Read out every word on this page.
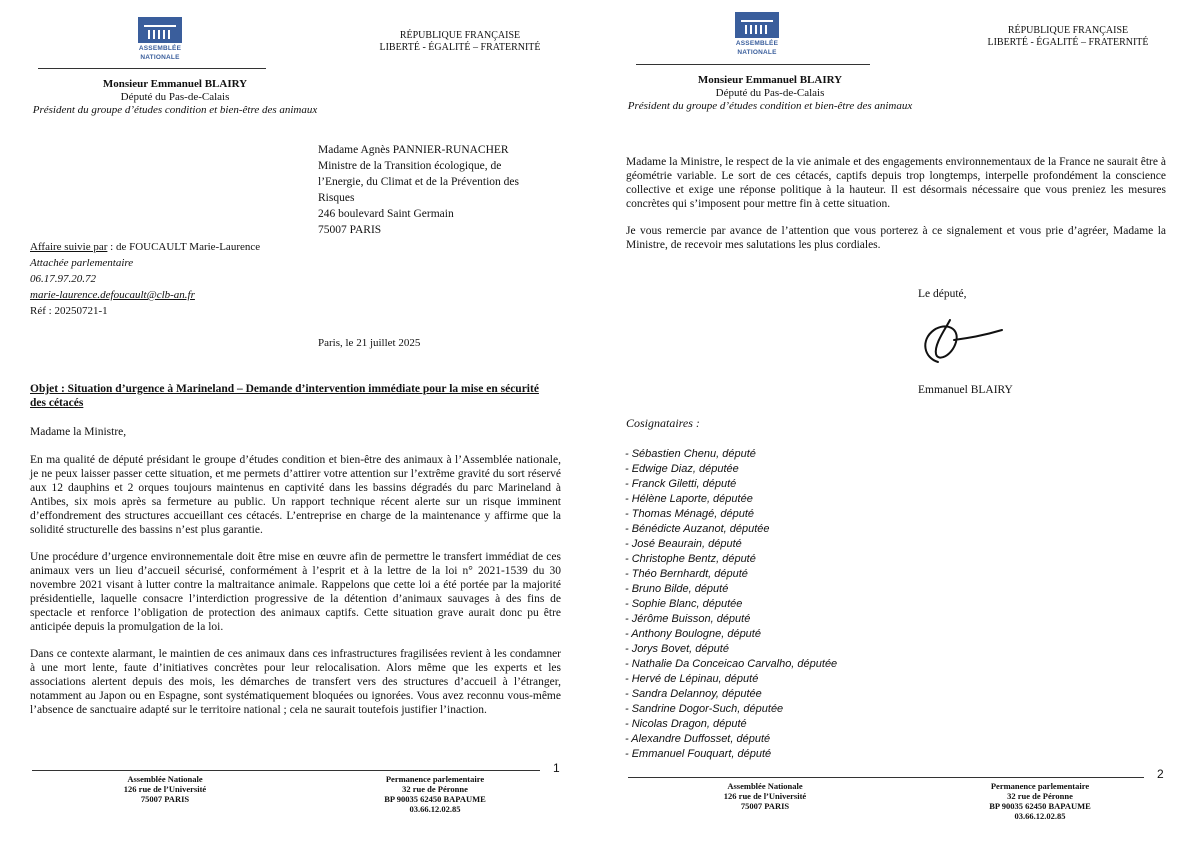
ASSEMBLÉE
NATIONALE
RÉPUBLIQUE FRANÇAISE
LIBERTÉ - ÉGALITÉ – FRATERNITÉ
Monsieur Emmanuel BLAIRY
Député du Pas-de-Calais
Président du groupe d’études condition et bien-être des animaux
Madame Agnès PANNIER-RUNACHER
Ministre de la Transition écologique, de
l’Energie, du Climat et de la Prévention des
Risques
246 boulevard Saint Germain
75007 PARIS
Affaire suivie par : de FOUCAULT Marie-Laurence
Attachée parlementaire
06.17.97.20.72
marie-laurence.defoucault@clb-an.fr
Réf : 20250721-1
Paris, le 21 juillet 2025
Objet : Situation d’urgence à Marineland – Demande d’intervention immédiate pour la mise en sécurité
des cétacés
Madame la Ministre,

En ma qualité de député présidant le groupe d’études condition et bien-être des animaux à l’Assemblée nationale, je ne peux laisser passer cette situation, et me permets d’attirer votre attention sur l’extrême gravité du sort réservé aux 12 dauphins et 2 orques toujours maintenus en captivité dans les bassins dégradés du parc Marineland à Antibes, six mois après sa fermeture au public. Un rapport technique récent alerte sur un risque imminent d’effondrement des structures accueillant ces cétacés. L’entreprise en charge de la maintenance y affirme que la solidité structurelle des bassins n’est plus garantie.

Une procédure d’urgence environnementale doit être mise en œuvre afin de permettre le transfert immédiat de ces animaux vers un lieu d’accueil sécurisé, conformément à l’esprit et à la lettre de la loi n° 2021-1539 du 30 novembre 2021 visant à lutter contre la maltraitance animale. Rappelons que cette loi a été portée par la majorité présidentielle, laquelle consacre l’interdiction progressive de la détention d’animaux sauvages à des fins de spectacle et renforce l’obligation de protection des animaux captifs. Cette situation grave aurait donc pu être anticipée depuis la promulgation de la loi.

Dans ce contexte alarmant, le maintien de ces animaux dans ces infrastructures fragilisées revient à les condamner à une mort lente, faute d’initiatives concrètes pour leur relocalisation. Alors même que les experts et les associations alertent depuis des mois, les démarches de transfert vers des structures d’accueil à l’étranger, notamment au Japon ou en Espagne, sont systématiquement bloquées ou ignorées. Vous avez reconnu vous-même l’absence de sanctuaire adapté sur le territoire national ; cela ne saurait toutefois justifier l’inaction.

1
Assemblée Nationale
126 rue de l’Université
75007 PARIS
Permanence parlementaire
32 rue de Péronne
BP 90035 62450 BAPAUME
03.66.12.02.85
ASSEMBLÉE
NATIONALE
RÉPUBLIQUE FRANÇAISE
LIBERTÉ - ÉGALITÉ – FRATERNITÉ
Monsieur Emmanuel BLAIRY
Député du Pas-de-Calais
Président du groupe d’études condition et bien-être des animaux

Madame la Ministre, le respect de la vie animale et des engagements environnementaux de la France ne saurait être à géométrie variable. Le sort de ces cétacés, captifs depuis trop longtemps, interpelle profondément la conscience collective et exige une réponse politique à la hauteur. Il est désormais nécessaire que vous preniez les mesures concrètes qui s’imposent pour mettre fin à cette situation.

Je vous remercie par avance de l’attention que vous porterez à ce signalement et vous prie d’agréer, Madame la Ministre, de recevoir mes salutations les plus cordiales.

Le député,
Emmanuel BLAIRY
Cosignataires :
- Sébastien Chenu, député
- Edwige Diaz, députée
- Franck Giletti, député
- Hélène Laporte, députée
- Thomas Ménagé, député
- Bénédicte Auzanot, députée
- José Beaurain, député
- Christophe Bentz, député
- Théo Bernhardt, député
- Bruno Bilde, député
- Sophie Blanc, députée
- Jérôme Buisson, député
- Anthony Boulogne, député
- Jorys Bovet, député
- Nathalie Da Conceicao Carvalho, députée
- Hervé de Lépinau, député
- Sandra Delannoy, députée
- Sandrine Dogor-Such, députée
- Nicolas Dragon, député
- Alexandre Duffosset, député
- Emmanuel Fouquart, député
2
Assemblée Nationale
126 rue de l’Université
75007 PARIS
Permanence parlementaire
32 rue de Péronne
BP 90035 62450 BAPAUME
03.66.12.02.85
